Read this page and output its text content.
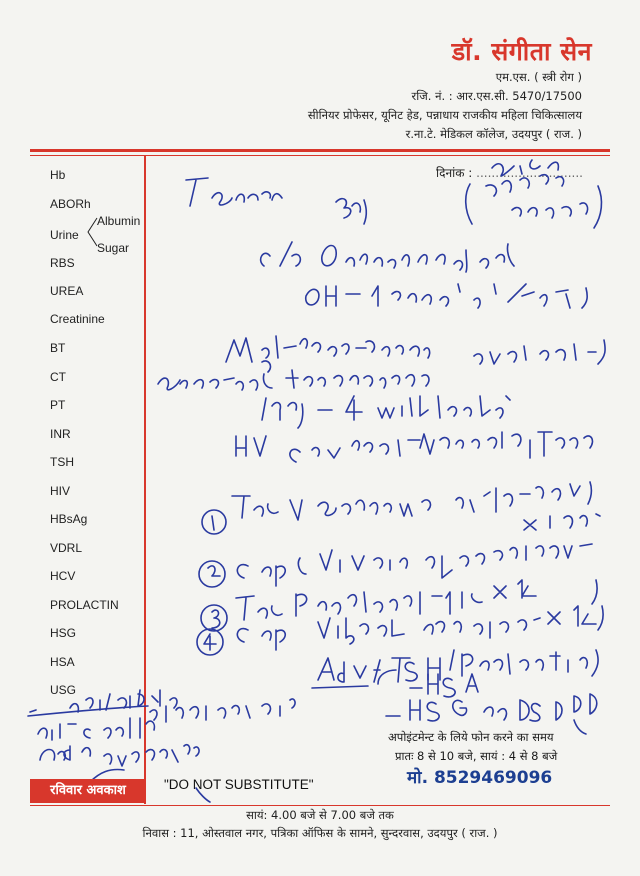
डॉ. संगीता सेन
एम.एस. ( स्त्री रोग )
रजि. नं. : आर.एस.सी. 5470/17500
सीनियर प्रोफेसर, यूनिट हेड, पन्नाधाय राजकीय महिला चिकित्सालय
र.ना.टे. मेडिकल कॉलेज, उदयपुर ( राज. )
दिनांक : ............................
Hb
ABORh
Urine
Albumin
Sugar
RBS
UREA
Creatinine
BT
CT
PT
INR
TSH
HIV
HBsAg
VDRL
HCV
PROLACTIN
HSG
HSA
USG
अपोइंटमेन्ट के लिये फोन करने का समय
प्रातः 8 से 10 बजे, सायं : 4 से 8 बजे
मो. 8529469096
रविवार अवकाश	"DO NOT SUBSTITUTE"
सायं: 4.00 बजे से 7.00 बजे तक
निवास : 11, ओस्तवाल नगर, पत्रिका ऑफिस के सामने, सुन्दरवास, उदयपुर ( राज. )
